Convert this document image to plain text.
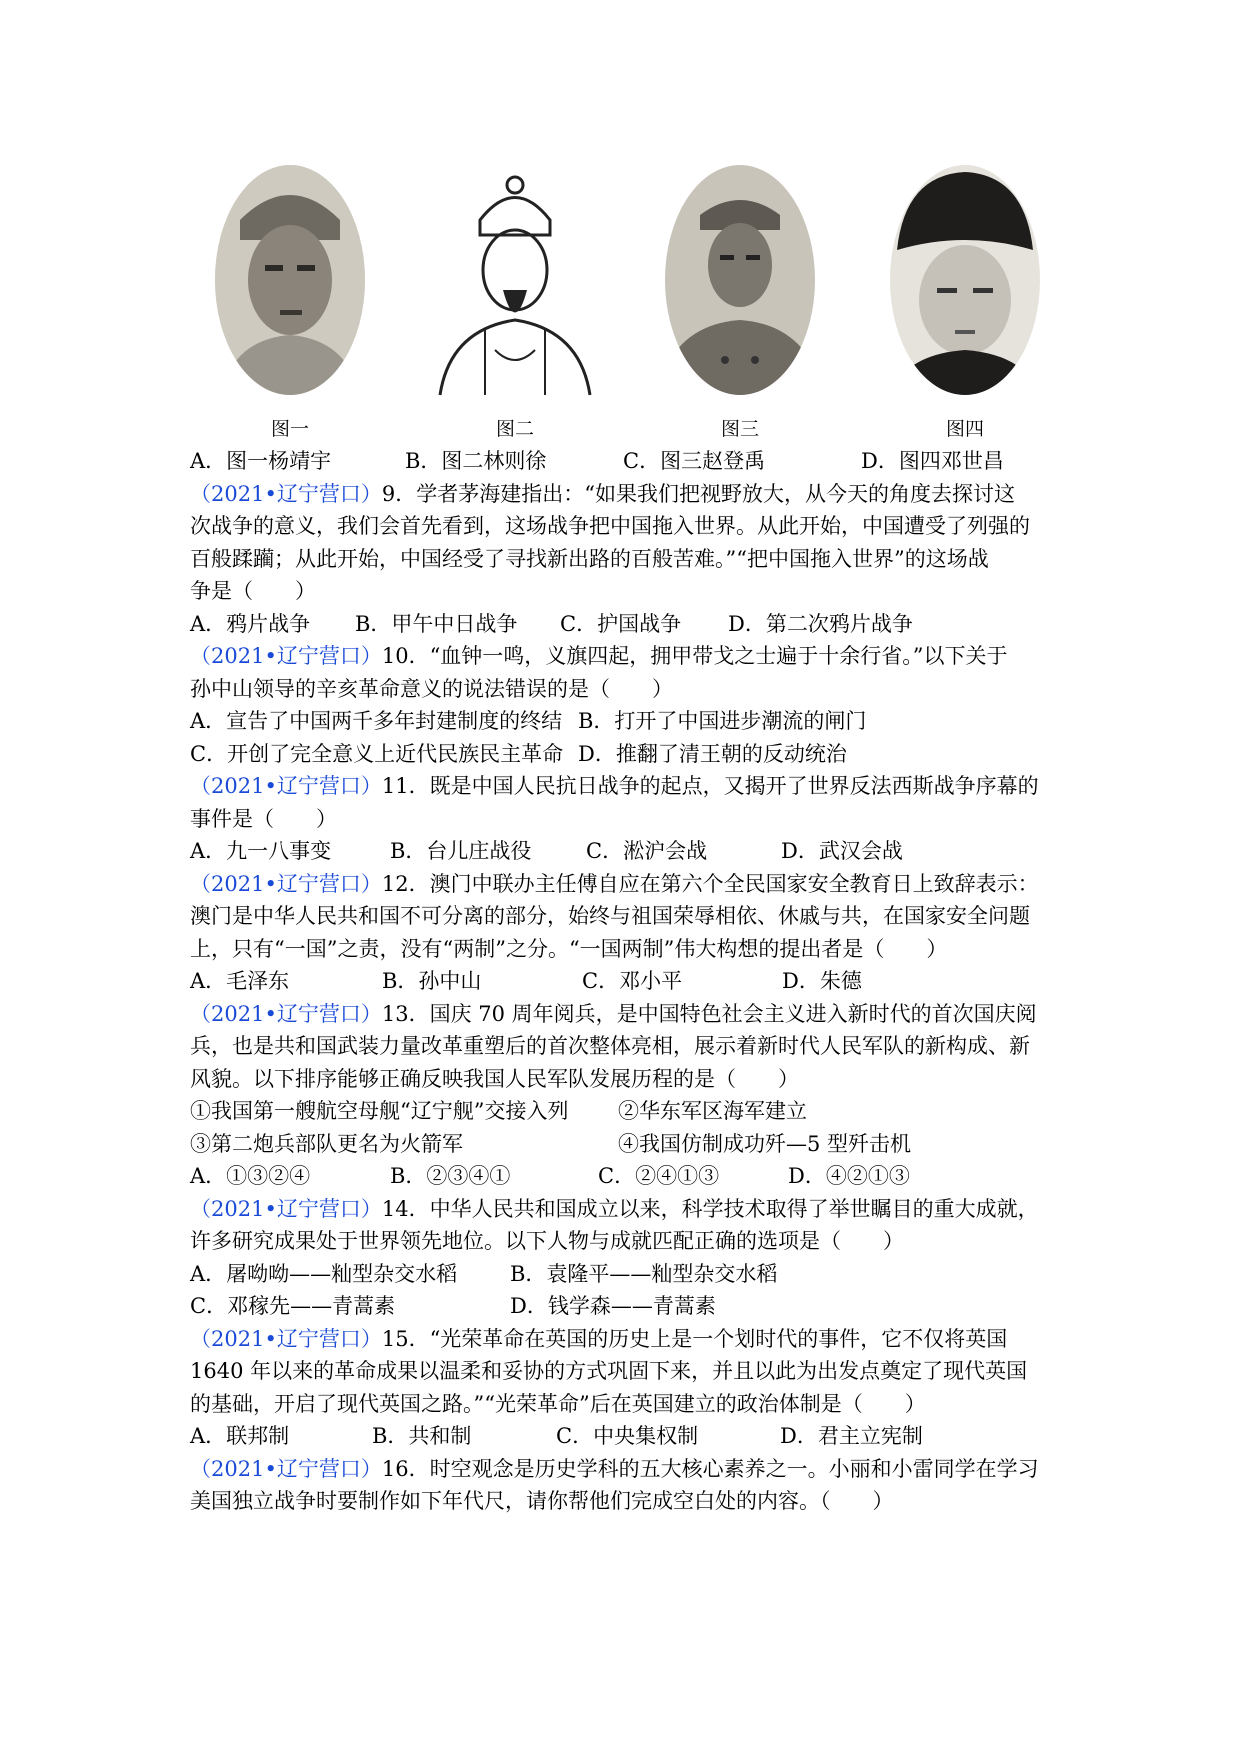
图一	图二	图三	图四
A．图一杨靖宇	B．图二林则徐	C．图三赵登禹	D．图四邓世昌
（2021•辽宁营口）9．学者茅海建指出：“如果我们把视野放大，从今天的角度去探讨这
次战争的意义，我们会首先看到，这场战争把中国拖入世界。从此开始，中国遭受了列强的
百般蹂躏；从此开始，中国经受了寻找新出路的百般苦难。”“把中国拖入世界”的这场战
争是（　　）
A．鸦片战争	B．甲午中日战争	C．护国战争	D．第二次鸦片战争
（2021•辽宁营口）10．“血钟一鸣，义旗四起，拥甲带戈之士遍于十余行省。”以下关于
孙中山领导的辛亥革命意义的说法错误的是（　　）
A．宣告了中国两千多年封建制度的终结 B．打开了中国进步潮流的闸门
C．开创了完全意义上近代民族民主革命 D．推翻了清王朝的反动统治
（2021•辽宁营口）11．既是中国人民抗日战争的起点，又揭开了世界反法西斯战争序幕的
事件是（　　）
A．九一八事变	B．台儿庄战役	C．淞沪会战	D．武汉会战
（2021•辽宁营口）12．澳门中联办主任傅自应在第六个全民国家安全教育日上致辞表示：
澳门是中华人民共和国不可分离的部分，始终与祖国荣辱相依、休戚与共，在国家安全问题
上，只有“一国”之责，没有“两制”之分。“一国两制”伟大构想的提出者是（　　）
A．毛泽东	B．孙中山	C．邓小平	D．朱德
（2021•辽宁营口）13．国庆 70 周年阅兵，是中国特色社会主义进入新时代的首次国庆阅
兵，也是共和国武装力量改革重塑后的首次整体亮相，展示着新时代人民军队的新构成、新
风貌。以下排序能够正确反映我国人民军队发展历程的是（　　）
①我国第一艘航空母舰“辽宁舰”交接入列	②华东军区海军建立
③第二炮兵部队更名为火箭军	④我国仿制成功歼—5 型歼击机
A．①③②④	B．②③④①	C．②④①③	D．④②①③
（2021•辽宁营口）14．中华人民共和国成立以来，科学技术取得了举世瞩目的重大成就，
许多研究成果处于世界领先地位。以下人物与成就匹配正确的选项是（　　）
A．屠呦呦——籼型杂交水稻	B．袁隆平——籼型杂交水稻
C．邓稼先——青蒿素	D．钱学森——青蒿素
（2021•辽宁营口）15．“光荣革命在英国的历史上是一个划时代的事件，它不仅将英国
1640 年以来的革命成果以温柔和妥协的方式巩固下来，并且以此为出发点奠定了现代英国
的基础，开启了现代英国之路。”“光荣革命”后在英国建立的政治体制是（　　）
A．联邦制	B．共和制	C．中央集权制	D．君主立宪制
（2021•辽宁营口）16．时空观念是历史学科的五大核心素养之一。小丽和小雷同学在学习
美国独立战争时要制作如下年代尺，请你帮他们完成空白处的内容。（　　）
